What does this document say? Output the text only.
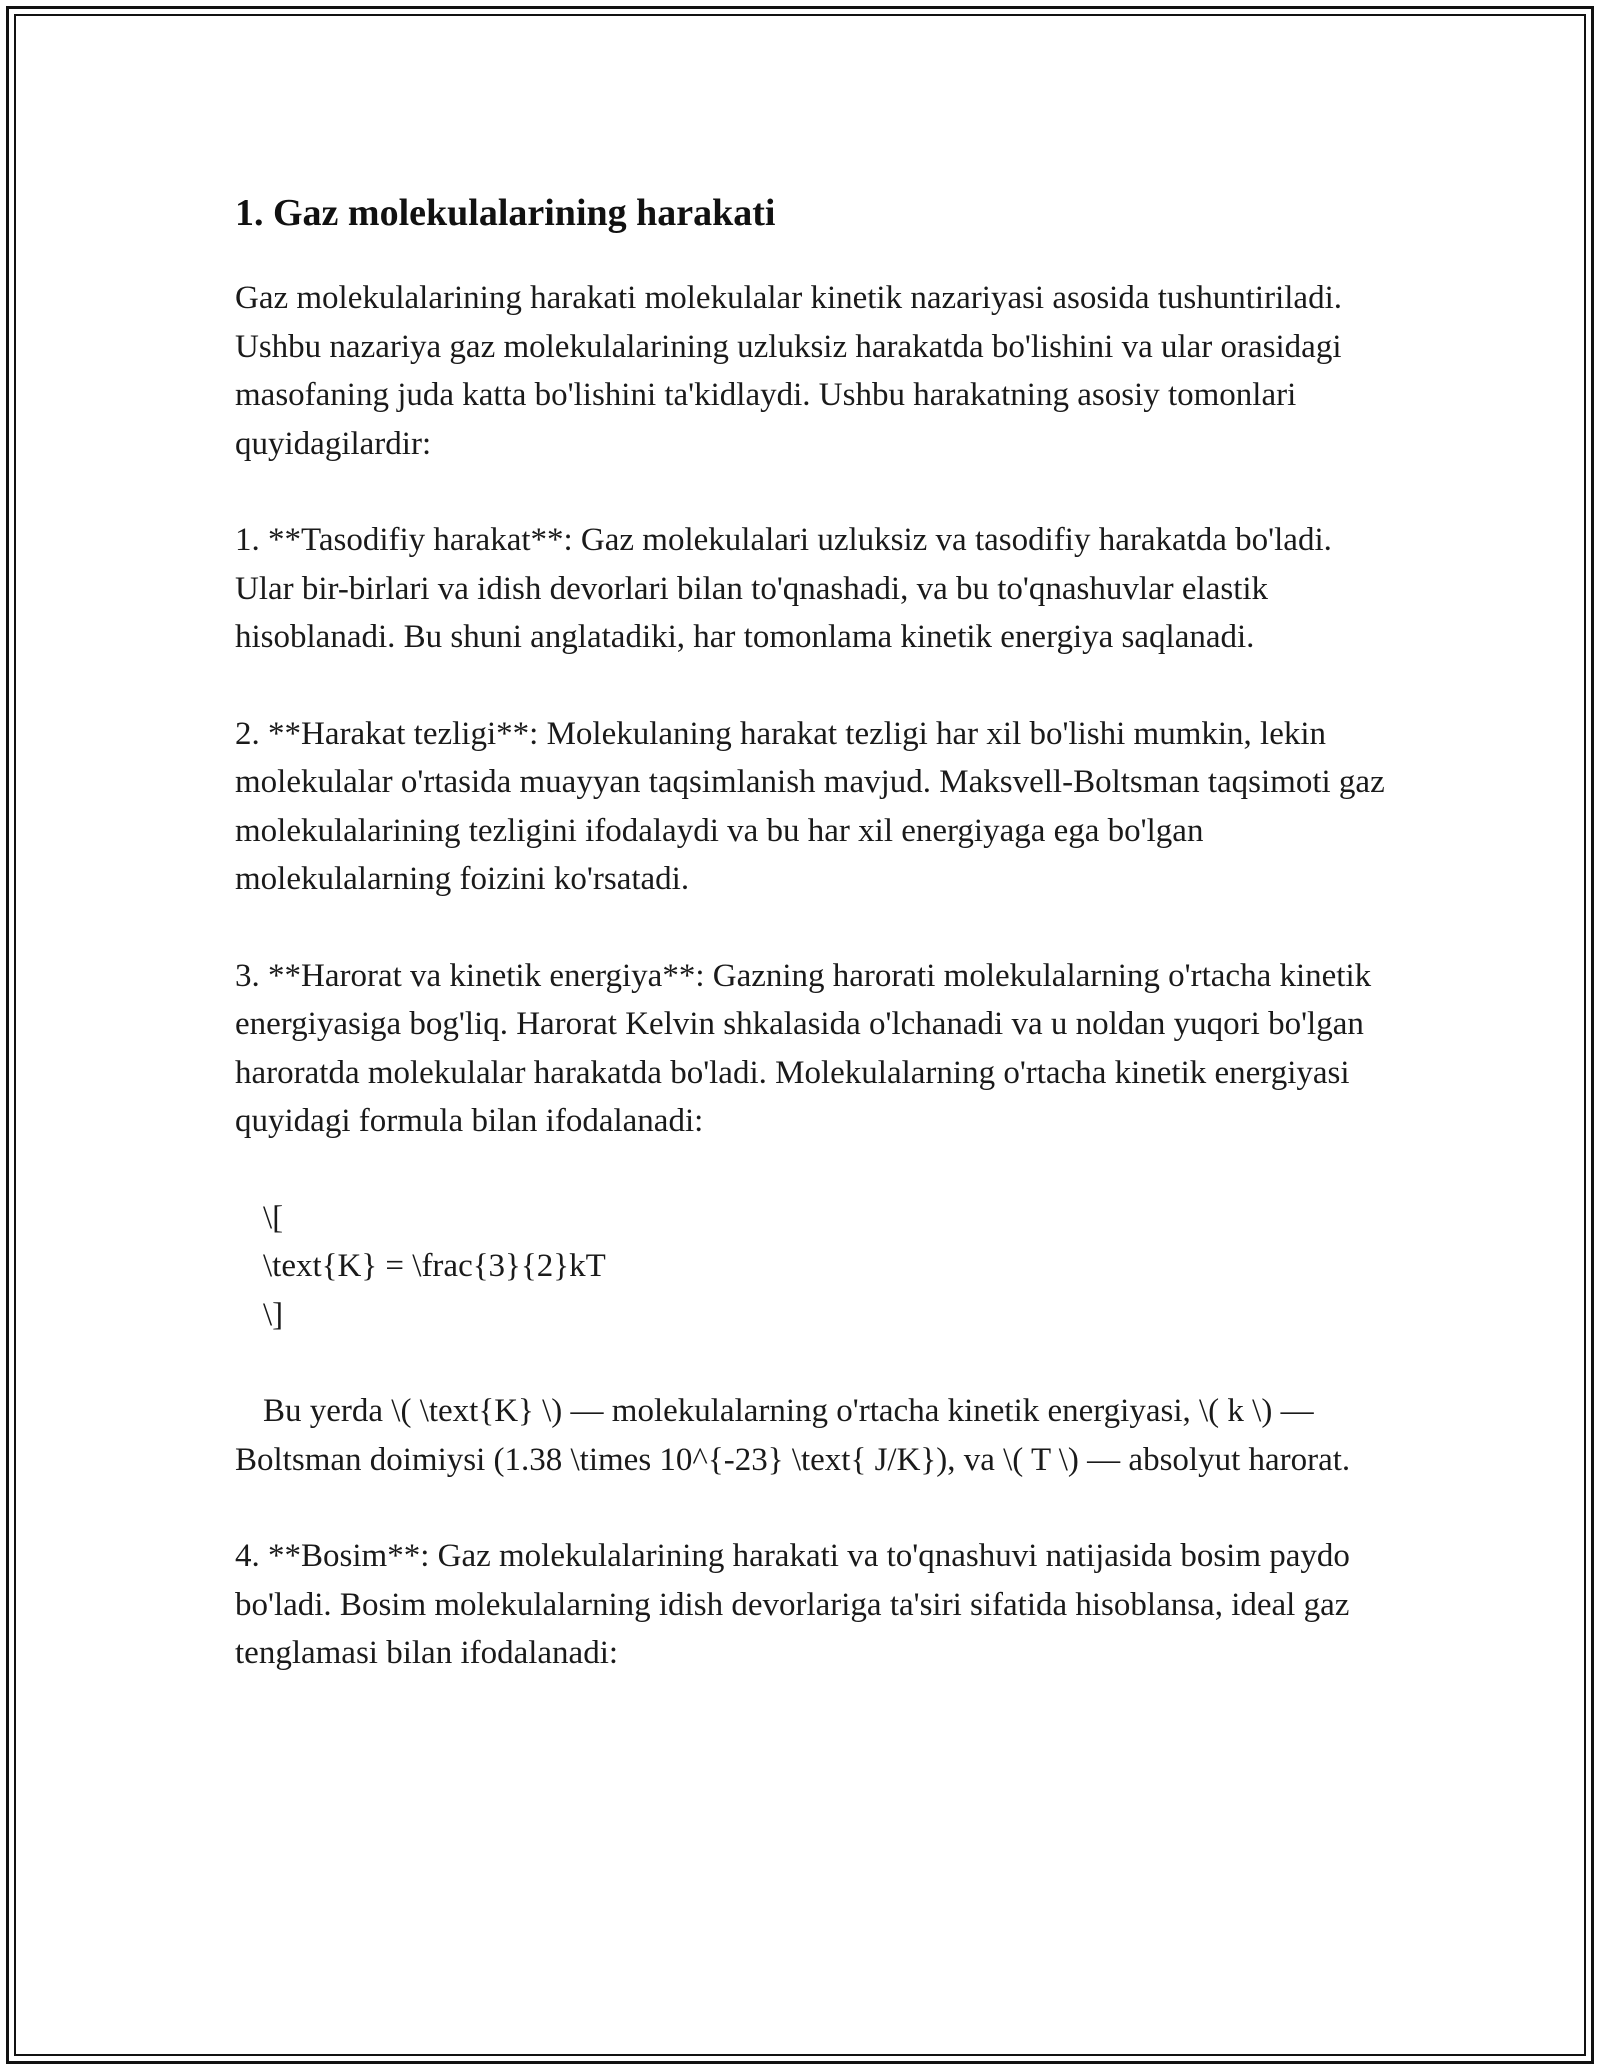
1. Gaz molekulalarining harakati

Gaz molekulalarining harakati molekulalar kinetik nazariyasi asosida tushuntiriladi. Ushbu nazariya gaz molekulalarining uzluksiz harakatda bo'lishini va ular orasidagi masofaning juda katta bo'lishini ta'kidlaydi. Ushbu harakatning asosiy tomonlari quyidagilardir:

1. **Tasodifiy harakat**: Gaz molekulalari uzluksiz va tasodifiy harakatda bo'ladi. Ular bir-birlari va idish devorlari bilan to'qnashadi, va bu to'qnashuvlar elastik hisoblanadi. Bu shuni anglatadiki, har tomonlama kinetik energiya saqlanadi.

2. **Harakat tezligi**: Molekulaning harakat tezligi har xil bo'lishi mumkin, lekin molekulalar o'rtasida muayyan taqsimlanish mavjud. Maksvell-Boltsman taqsimoti gaz molekulalarining tezligini ifodalaydi va bu har xil energiyaga ega bo'lgan molekulalarning foizini ko'rsatadi.

3. **Harorat va kinetik energiya**: Gazning harorati molekulalarning o'rtacha kinetik energiyasiga bog'liq. Harorat Kelvin shkalasida o'lchanadi va u noldan yuqori bo'lgan haroratda molekulalar harakatda bo'ladi. Molekulalarning o'rtacha kinetik energiyasi quyidagi formula bilan ifodalanadi:

\[
\text{K} = \frac{3}{2}kT
\]

Bu yerda \( \text{K} \) — molekulalarning o'rtacha kinetik energiyasi, \( k \) — Boltsman doimiysi (1.38 \times 10^{-23} \text{ J/K}), va \( T \) — absolyut harorat.

4. **Bosim**: Gaz molekulalarining harakati va to'qnashuvi natijasida bosim paydo bo'ladi. Bosim molekulalarning idish devorlariga ta'siri sifatida hisoblansa, ideal gaz tenglamasi bilan ifodalanadi:
